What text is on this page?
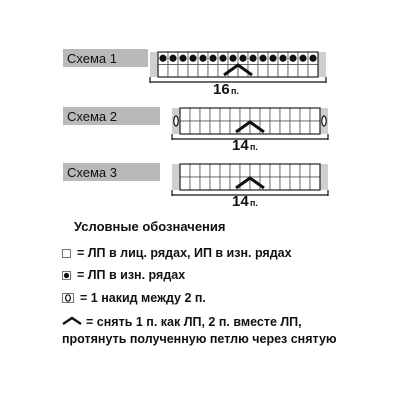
Схема 1
16 п.
Схема 2
14 п.
Схема 3
14 п.
Условные обозначения
= ЛП в лиц. рядах, ИП в изн. рядах
= ЛП в изн. рядах
= 1 накид между 2 п.
= снять 1 п. как ЛП, 2 п. вместе ЛП, протянуть полученную петлю через снятую
